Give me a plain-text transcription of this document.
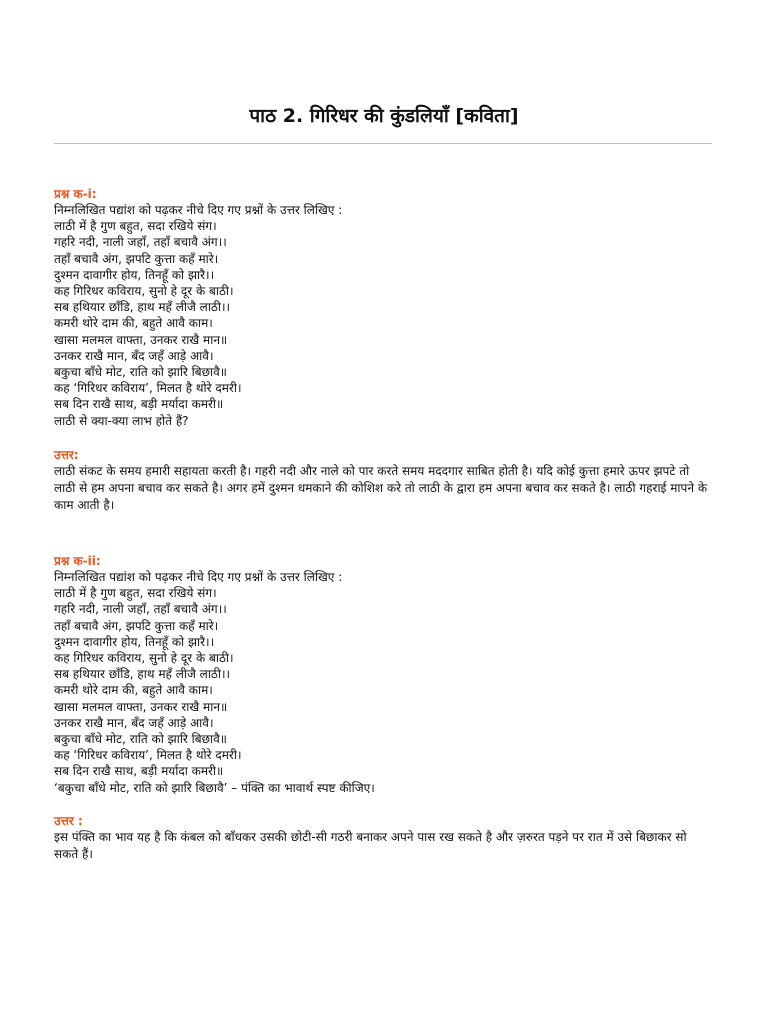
पाठ 2. गिरिधर की कुंडलियाँ [कविता]
प्रश्न क-i:
निम्नलिखित पद्यांश को पढ़कर नीचे दिए गए प्रश्नों के उत्तर लिखिए :
लाठी में है गुण बहुत, सदा रखिये संग।
गहरि नदी, नाली जहाँ, तहाँ बचावै अंग।।
तहाँ बचावै अंग, झपटि कुत्ता कहँ मारे।
दुश्मन दावागीर होय, तिनहूँ को झारै।।
कह गिरिधर कविराय, सुनो हे दूर के बाठी।
सब हथियार छाँडि, हाथ महँ लीजै लाठी।।
कमरी थोरे दाम की, बहुते आवै काम।
खासा मलमल वाफ्ता, उनकर राखै मान॥
उनकर राखै मान, बँद जहँ आड़े आवै।
बकुचा बाँधे मोट, राति को झारि बिछावै॥
कह ‘गिरिधर कविराय’, मिलत है थोरे दमरी।
सब दिन राखै साथ, बड़ी मर्यादा कमरी॥
लाठी से क्या-क्या लाभ होते हैं?
उत्तर:

लाठी संकट के समय हमारी सहायता करती है। गहरी नदी और नाले को पार करते समय मददगार साबित होती है। यदि कोई कुत्ता हमारे ऊपर झपटे तो लाठी से हम अपना बचाव कर सकते है। अगर हमें दुश्मन धमकाने की कोशिश करे तो लाठी के द्वारा हम अपना बचाव कर सकते है। लाठी गहराई मापने के काम आती है।

प्रश्न क-ii:
निम्नलिखित पद्यांश को पढ़कर नीचे दिए गए प्रश्नों के उत्तर लिखिए :
लाठी में है गुण बहुत, सदा रखिये संग।
गहरि नदी, नाली जहाँ, तहाँ बचावै अंग।।
तहाँ बचावै अंग, झपटि कुत्ता कहँ मारे।
दुश्मन दावागीर होय, तिनहूँ को झारै।।
कह गिरिधर कविराय, सुनो हे दूर के बाठी।
सब हथियार छाँडि, हाथ महँ लीजै लाठी।।
कमरी थोरे दाम की, बहुते आवै काम।
खासा मलमल वाफ्ता, उनकर राखै मान॥
उनकर राखै मान, बँद जहँ आड़े आवै।
बकुचा बाँधे मोट, राति को झारि बिछावै॥
कह ‘गिरिधर कविराय’, मिलत है थोरे दमरी।
सब दिन राखै साथ, बड़ी मर्यादा कमरी॥
‘बकुचा बाँधे मोट, राति को झारि बिछावै’ – पंक्ति का भावार्थ स्पष्ट कीजिए।
उत्तर :

इस पंक्ति का भाव यह है कि कंबल को बाँधकर उसकी छोटी-सी गठरी बनाकर अपने पास रख सकते है और ज़रुरत पड़ने पर रात में उसे बिछाकर सो सकते हैं।
